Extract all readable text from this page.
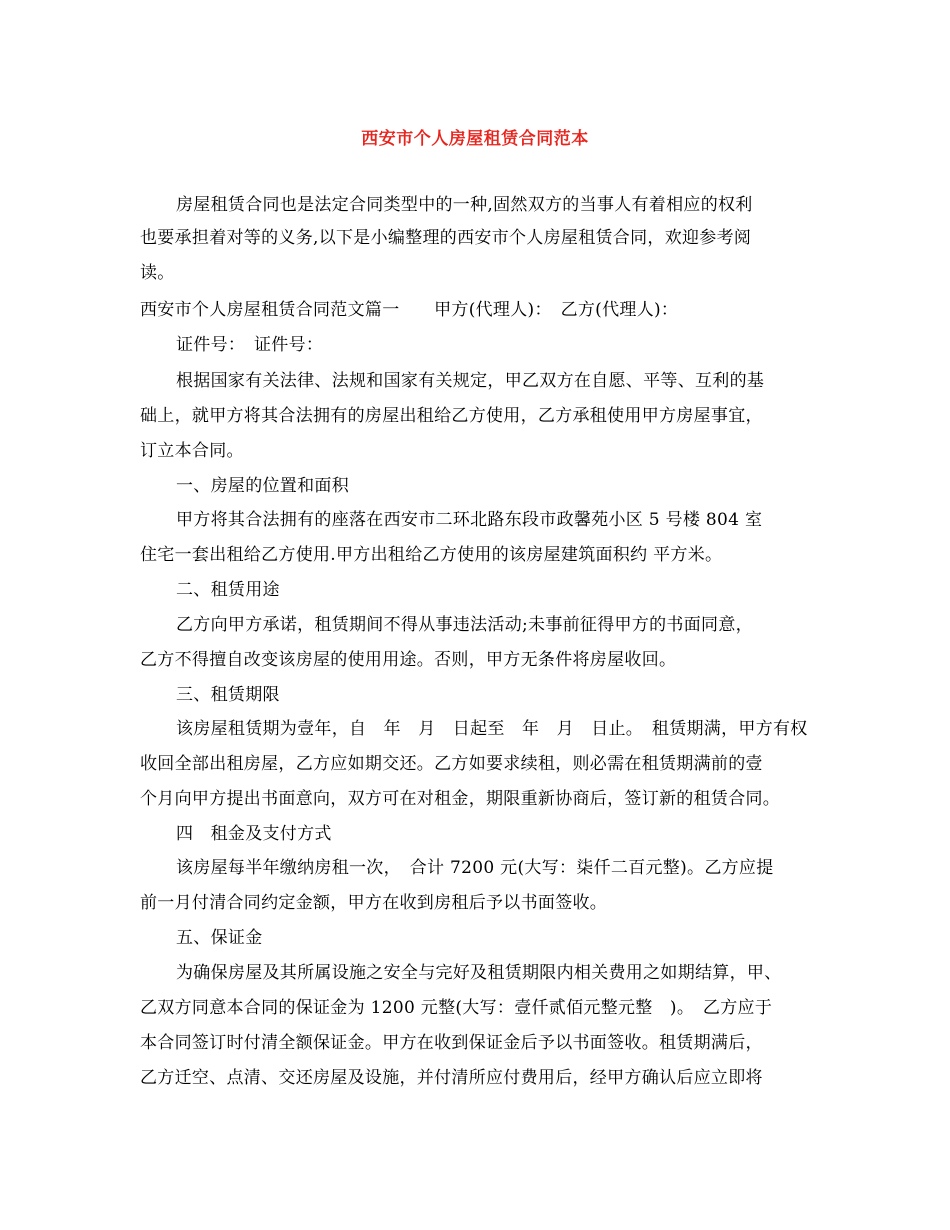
西安市个人房屋租赁合同范本
房屋租赁合同也是法定合同类型中的一种,固然双方的当事人有着相应的权利
也要承担着对等的义务,以下是小编整理的西安市个人房屋租赁合同，欢迎参考阅
读。
西安市个人房屋租赁合同范文篇一　　甲方(代理人)：　乙方(代理人)：
证件号：　证件号：
根据国家有关法律、法规和国家有关规定，甲乙双方在自愿、平等、互利的基
础上，就甲方将其合法拥有的房屋出租给乙方使用，乙方承租使用甲方房屋事宜，
订立本合同。
一、房屋的位置和面积
甲方将其合法拥有的座落在西安市二环北路东段市政馨苑小区 5 号楼 804 室
住宅一套出租给乙方使用.甲方出租给乙方使用的该房屋建筑面积约 平方米。
二、租赁用途
乙方向甲方承诺，租赁期间不得从事违法活动;未事前征得甲方的书面同意，
乙方不得擅自改变该房屋的使用用途。否则，甲方无条件将房屋收回。
三、租赁期限
该房屋租赁期为壹年，自　年　月　日起至　年　月　日止。　租赁期满，甲方有权
收回全部出租房屋，乙方应如期交还。乙方如要求续租，则必需在租赁期满前的壹
个月向甲方提出书面意向，双方可在对租金，期限重新协商后，签订新的租赁合同。
四　租金及支付方式
该房屋每半年缴纳房租一次，　合计 7200 元(大写：柒仟二百元整)。乙方应提
前一月付清合同约定金额，甲方在收到房租后予以书面签收。
五、保证金
为确保房屋及其所属设施之安全与完好及租赁期限内相关费用之如期结算，甲、
乙双方同意本合同的保证金为 1200 元整(大写：壹仟贰佰元整元整　)。　乙方应于
本合同签订时付清全额保证金。甲方在收到保证金后予以书面签收。租赁期满后，
乙方迁空、点清、交还房屋及设施，并付清所应付费用后，经甲方确认后应立即将
